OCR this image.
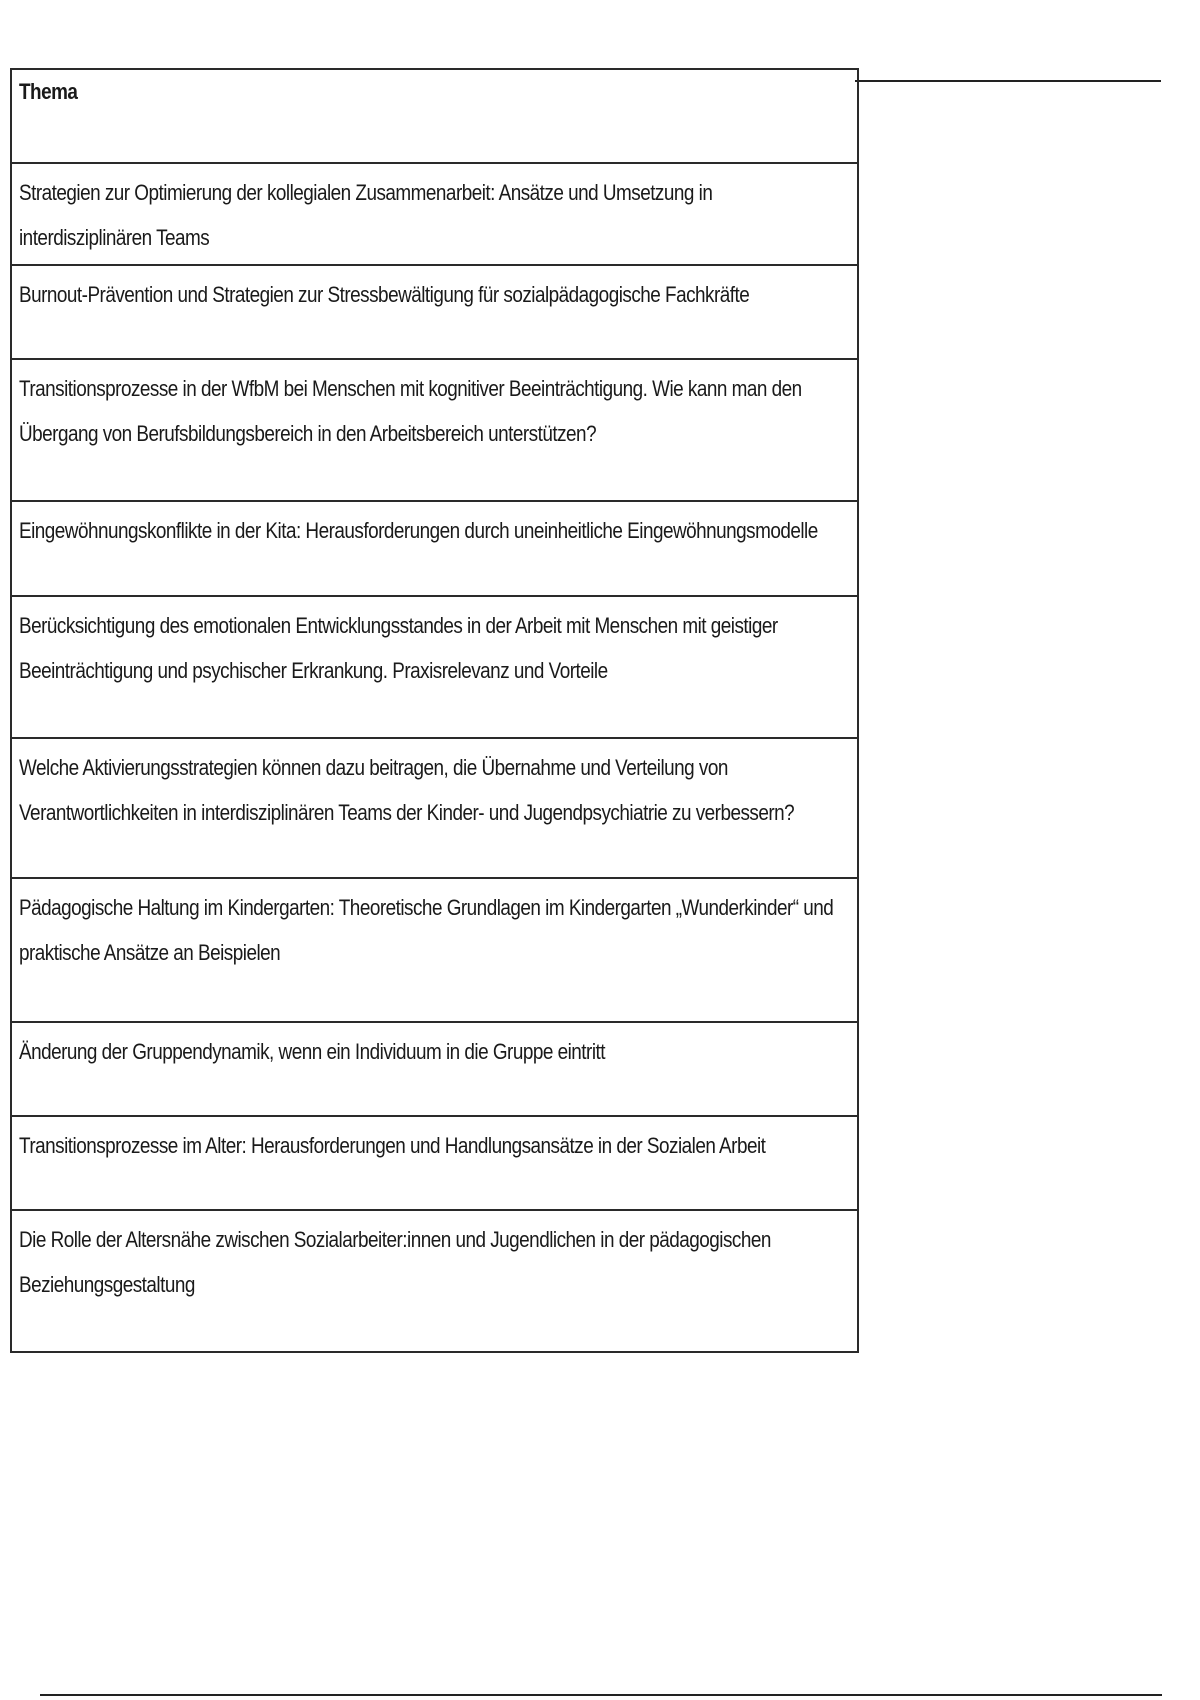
Thema
Strategien zur Optimierung der kollegialen Zusammenarbeit: Ansätze und Umsetzung in interdisziplinären Teams
Burnout-Prävention und Strategien zur Stressbewältigung für sozialpädagogische Fachkräfte
Transitionsprozesse in der WfbM bei Menschen mit kognitiver Beeinträchtigung. Wie kann man den Übergang von Berufsbildungsbereich in den Arbeitsbereich unterstützen?
Eingewöhnungskonflikte in der Kita: Herausforderungen durch uneinheitliche Eingewöhnungsmodelle
Berücksichtigung des emotionalen Entwicklungsstandes in der Arbeit mit Menschen mit geistiger Beeinträchtigung und psychischer Erkrankung. Praxisrelevanz und Vorteile
Welche Aktivierungsstrategien können dazu beitragen, die Übernahme und Verteilung von Verantwortlichkeiten in interdisziplinären Teams der Kinder- und Jugendpsychiatrie zu verbessern?
Pädagogische Haltung im Kindergarten: Theoretische Grundlagen im Kindergarten „Wunderkinder“ und praktische Ansätze an Beispielen
Änderung der Gruppendynamik, wenn ein Individuum in die Gruppe eintritt
Transitionsprozesse im Alter: Herausforderungen und Handlungsansätze in der Sozialen Arbeit
Die Rolle der Altersnähe zwischen Sozialarbeiter:innen und Jugendlichen in der pädagogischen Beziehungsgestaltung
